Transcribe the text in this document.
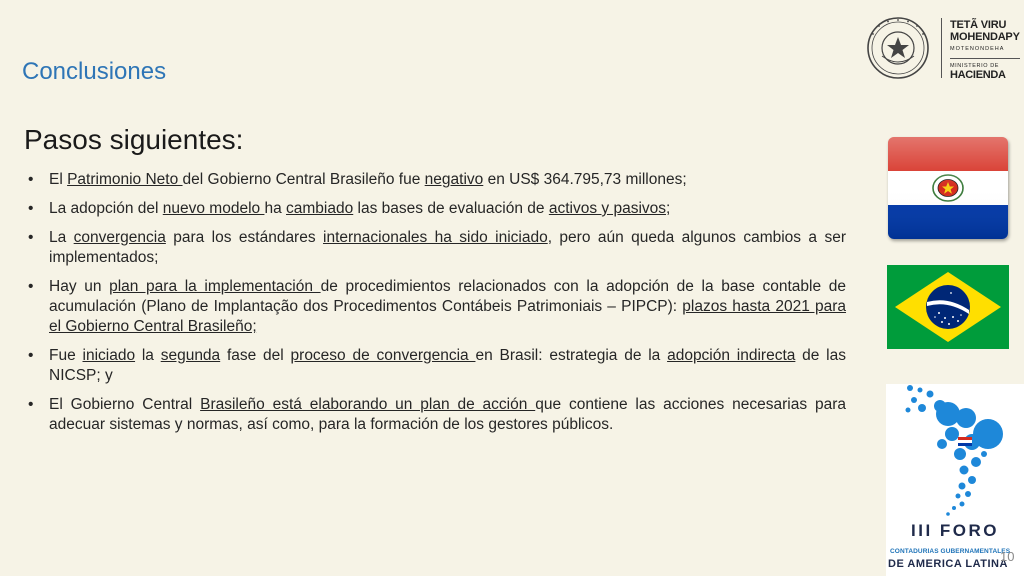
Conclusiones
TETÃ VIRU
MOHENDAPY
MOTENONDEHA
MINISTERIO DE
HACIENDA
Pasos siguientes:
• El Patrimonio Neto del Gobierno Central Brasileño fue negativo en US$ 364.795,73 millones;
• La adopción del nuevo modelo ha cambiado las bases de evaluación de activos y pasivos;
• La convergencia para los estándares internacionales ha sido iniciado, pero aún queda algunos cambios a ser implementados;
• Hay un plan para la implementación de procedimientos relacionados con la adopción de la base contable de acumulación (Plano de Implantação dos Procedimentos Contábeis Patrimoniais – PIPCP): plazos hasta 2021 para el Gobierno Central Brasileño;
• Fue iniciado la segunda fase del proceso de convergencia en Brasil: estrategia de la adopción indirecta de las NICSP; y
• El Gobierno Central Brasileño está elaborando un plan de acción que contiene las acciones necesarias para adecuar sistemas y normas, así como, para la formación de los gestores públicos.
III FORO
CONTADURIAS GUBERNAMENTALES
DE AMERICA LATINA
10
